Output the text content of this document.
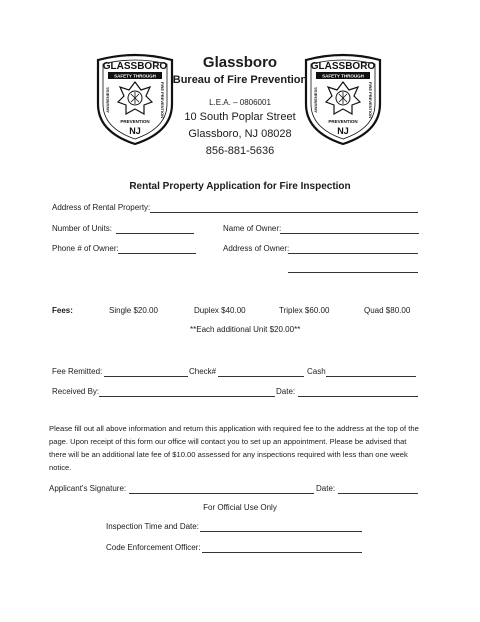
GLASSBORO
SAFETY THROUGH
AWARENESS	FIRE PREVENTION
PREVENTION
NJ
GLASSBORO
SAFETY THROUGH
AWARENESS	FIRE PREVENTION
PREVENTION
NJ
Glassboro
Bureau of Fire Prevention
L.E.A. – 0806001
10 South Poplar Street
Glassboro, NJ 08028
856-881-5636
Rental Property Application for Fire Inspection
Address of Rental Property:
Number of Units:	Name of Owner:
Phone # of Owner:	Address of Owner:
Fees:	Single $20.00	Duplex $40.00	Triplex $60.00	Quad $80.00
**Each additional Unit $20.00**
Fee Remitted:	Check#	Cash
Received By:	Date:
Please fill out all above information and return this application with required fee to the address at the top of the page. Upon receipt of this form our office will contact you to set up an appointment. Please be advised that there will be an additional late fee of $10.00 assessed for any inspections required with less than one week notice.
Applicant's Signature:	Date:
For Official Use Only
Inspection Time and Date:
Code Enforcement Officer:
